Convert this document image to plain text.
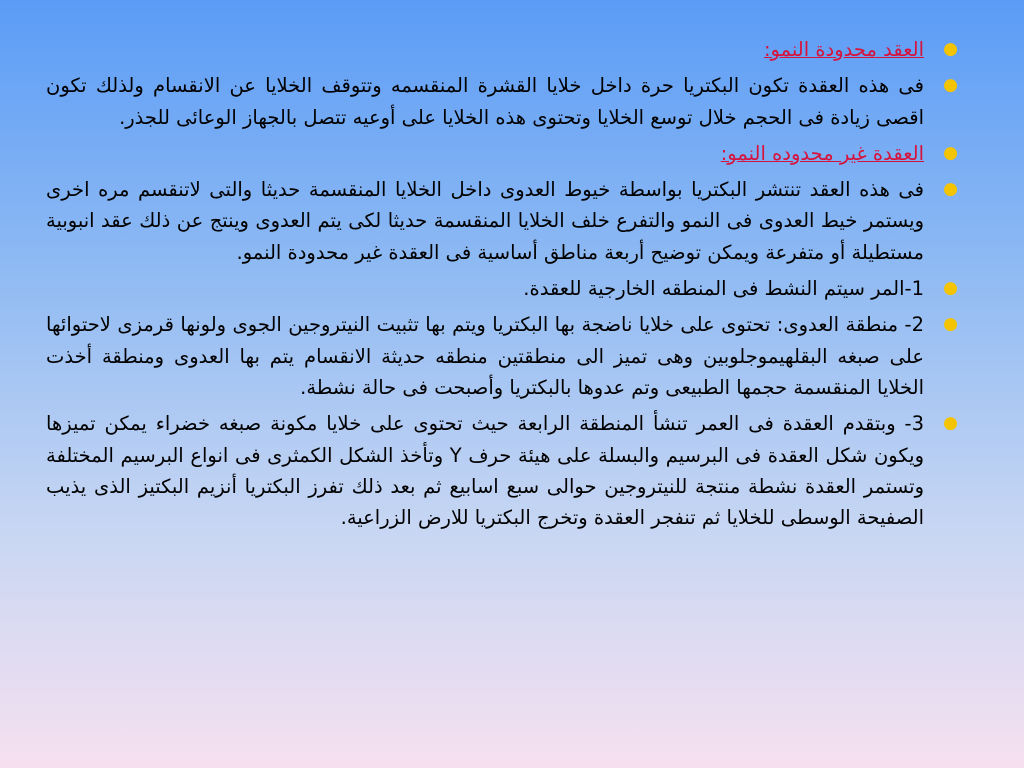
●
العقد محدودة النمو:
●
فى هذه العقدة تكون البكتريا حرة داخل خلايا القشرة المنقسمه وتتوقف الخلايا عن الانقسام ولذلك تكون اقصى زيادة فى الحجم خلال توسع الخلايا وتحتوى هذه الخلايا على أوعيه تتصل بالجهاز الوعائى للجذر.
●
العقدة غير محدوده النمو:
●
فى هذه العقد تنتشر البكتريا بواسطة خيوط العدوى داخل الخلايا المنقسمة حديثا والتى لاتنقسم مره اخرى ويستمر خيط العدوى فى النمو والتفرع خلف الخلايا المنقسمة حديثا لكى يتم العدوى وينتج عن ذلك عقد انبوبية مستطيلة أو متفرعة ويمكن توضيح أربعة مناطق أساسية فى العقدة غير محدودة النمو.
●
1-المر سيتم النشط فى المنطقه الخارجية للعقدة.
●
2- منطقة العدوى: تحتوى على خلايا ناضجة بها البكتريا ويتم بها تثبيت النيتروجين الجوى ولونها قرمزى لاحتوائها على صبغه البقلهيموجلوبين وهى تميز الى منطقتين منطقه حديثة الانقسام يتم بها العدوى ومنطقة أخذت الخلايا المنقسمة حجمها الطبيعى وتم عدوها بالبكتريا وأصبحت فى حالة نشطة.
●
3- وبتقدم العقدة فى العمر تنشأ المنطقة الرابعة حيث تحتوى على خلايا مكونة صبغه خضراء يمكن تميزها ويكون شكل العقدة فى البرسيم والبسلة على هيئة حرف Y وتأخذ الشكل الكمثرى فى انواع البرسيم المختلفة وتستمر العقدة نشطة منتجة للنيتروجين حوالى سبع اسابيع ثم بعد ذلك تفرز البكتريا أنزيم البكتيز الذى يذيب الصفيحة الوسطى للخلايا ثم تنفجر العقدة وتخرج البكتريا للارض الزراعية.
